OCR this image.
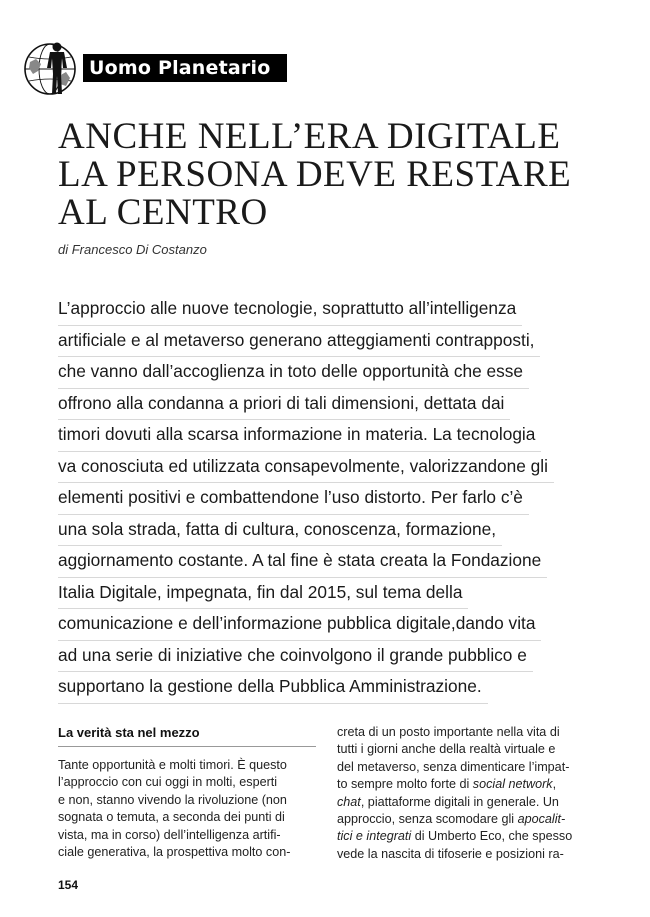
Uomo Planetario
ANCHE NELL’ERA DIGITALE
LA PERSONA DEVE RESTARE
AL CENTRO
di Francesco Di Costanzo
L’approccio alle nuove tecnologie, soprattutto all’intelligenza
artificiale e al metaverso generano atteggiamenti contrapposti,
che vanno dall’accoglienza in toto delle opportunità che esse
offrono alla condanna a priori di tali dimensioni, dettata dai
timori dovuti alla scarsa informazione in materia. La tecnologia
va conosciuta ed utilizzata consapevolmente, valorizzandone gli
elementi positivi e combattendone l’uso distorto. Per farlo c’è
una sola strada, fatta di cultura, conoscenza, formazione,
aggiornamento costante. A tal fine è stata creata la Fondazione
Italia Digitale, impegnata, fin dal 2015, sul tema della
comunicazione e dell’informazione pubblica digitale,dando vita
ad una serie di iniziative che coinvolgono il grande pubblico e
supportano la gestione della Pubblica Amministrazione.
La verità sta nel mezzo
Tante opportunità e molti timori. È questo
l’approccio con cui oggi in molti, esperti
e non, stanno vivendo la rivoluzione (non
sognata o temuta, a seconda dei punti di
vista, ma in corso) dell’intelligenza artifi-
ciale generativa, la prospettiva molto con-
creta di un posto importante nella vita di
tutti i giorni anche della realtà virtuale e
del metaverso, senza dimenticare l’impat-
to sempre molto forte di social network,
chat, piattaforme digitali in generale. Un
approccio, senza scomodare gli apocalit-
tici e integrati di Umberto Eco, che spesso
vede la nascita di tifoserie e posizioni ra-
154
